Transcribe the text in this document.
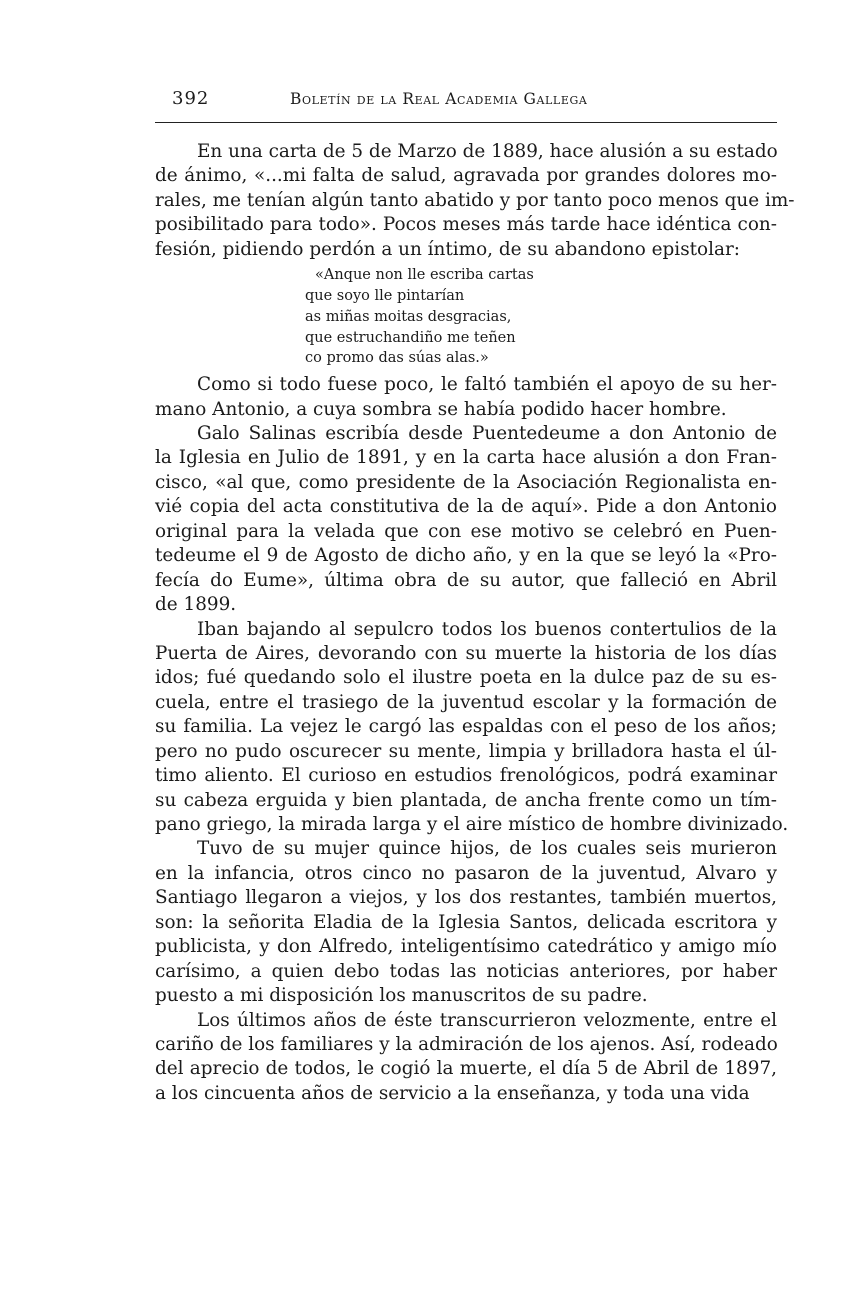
392	Boletín de la Real Academia Gallega
En una carta de 5 de Marzo de 1889, hace alusión a su estado
de ánimo, «...mi falta de salud, agravada por grandes dolores mo-
rales, me tenían algún tanto abatido y por tanto poco menos que im-
posibilitado para todo». Pocos meses más tarde hace idéntica con-
fesión, pidiendo perdón a un íntimo, de su abandono epistolar:
«Anque non lle escriba cartas
que soyo lle pintarían
as miñas moitas desgracias,
que estruchandiño me teñen
co promo das súas alas.»
Como si todo fuese poco, le faltó también el apoyo de su her-
mano Antonio, a cuya sombra se había podido hacer hombre.
Galo Salinas escribía desde Puentedeume a don Antonio de
la Iglesia en Julio de 1891, y en la carta hace alusión a don Fran-
cisco, «al que, como presidente de la Asociación Regionalista en-
vié copia del acta constitutiva de la de aquí». Pide a don Antonio
original para la velada que con ese motivo se celebró en Puen-
tedeume el 9 de Agosto de dicho año, y en la que se leyó la «Pro-
fecía do Eume», última obra de su autor, que falleció en Abril
de 1899.
Iban bajando al sepulcro todos los buenos contertulios de la
Puerta de Aires, devorando con su muerte la historia de los días
idos; fué quedando solo el ilustre poeta en la dulce paz de su es-
cuela, entre el trasiego de la juventud escolar y la formación de
su familia. La vejez le cargó las espaldas con el peso de los años;
pero no pudo oscurecer su mente, limpia y brilladora hasta el úl-
timo aliento. El curioso en estudios frenológicos, podrá examinar
su cabeza erguida y bien plantada, de ancha frente como un tím-
pano griego, la mirada larga y el aire místico de hombre divinizado.
Tuvo de su mujer quince hijos, de los cuales seis murieron
en la infancia, otros cinco no pasaron de la juventud, Alvaro y
Santiago llegaron a viejos, y los dos restantes, también muertos,
son: la señorita Eladia de la Iglesia Santos, delicada escritora y
publicista, y don Alfredo, inteligentísimo catedrático y amigo mío
carísimo, a quien debo todas las noticias anteriores, por haber
puesto a mi disposición los manuscritos de su padre.
Los últimos años de éste transcurrieron velozmente, entre el
cariño de los familiares y la admiración de los ajenos. Así, rodeado
del aprecio de todos, le cogió la muerte, el día 5 de Abril de 1897,
a los cincuenta años de servicio a la enseñanza, y toda una vida
